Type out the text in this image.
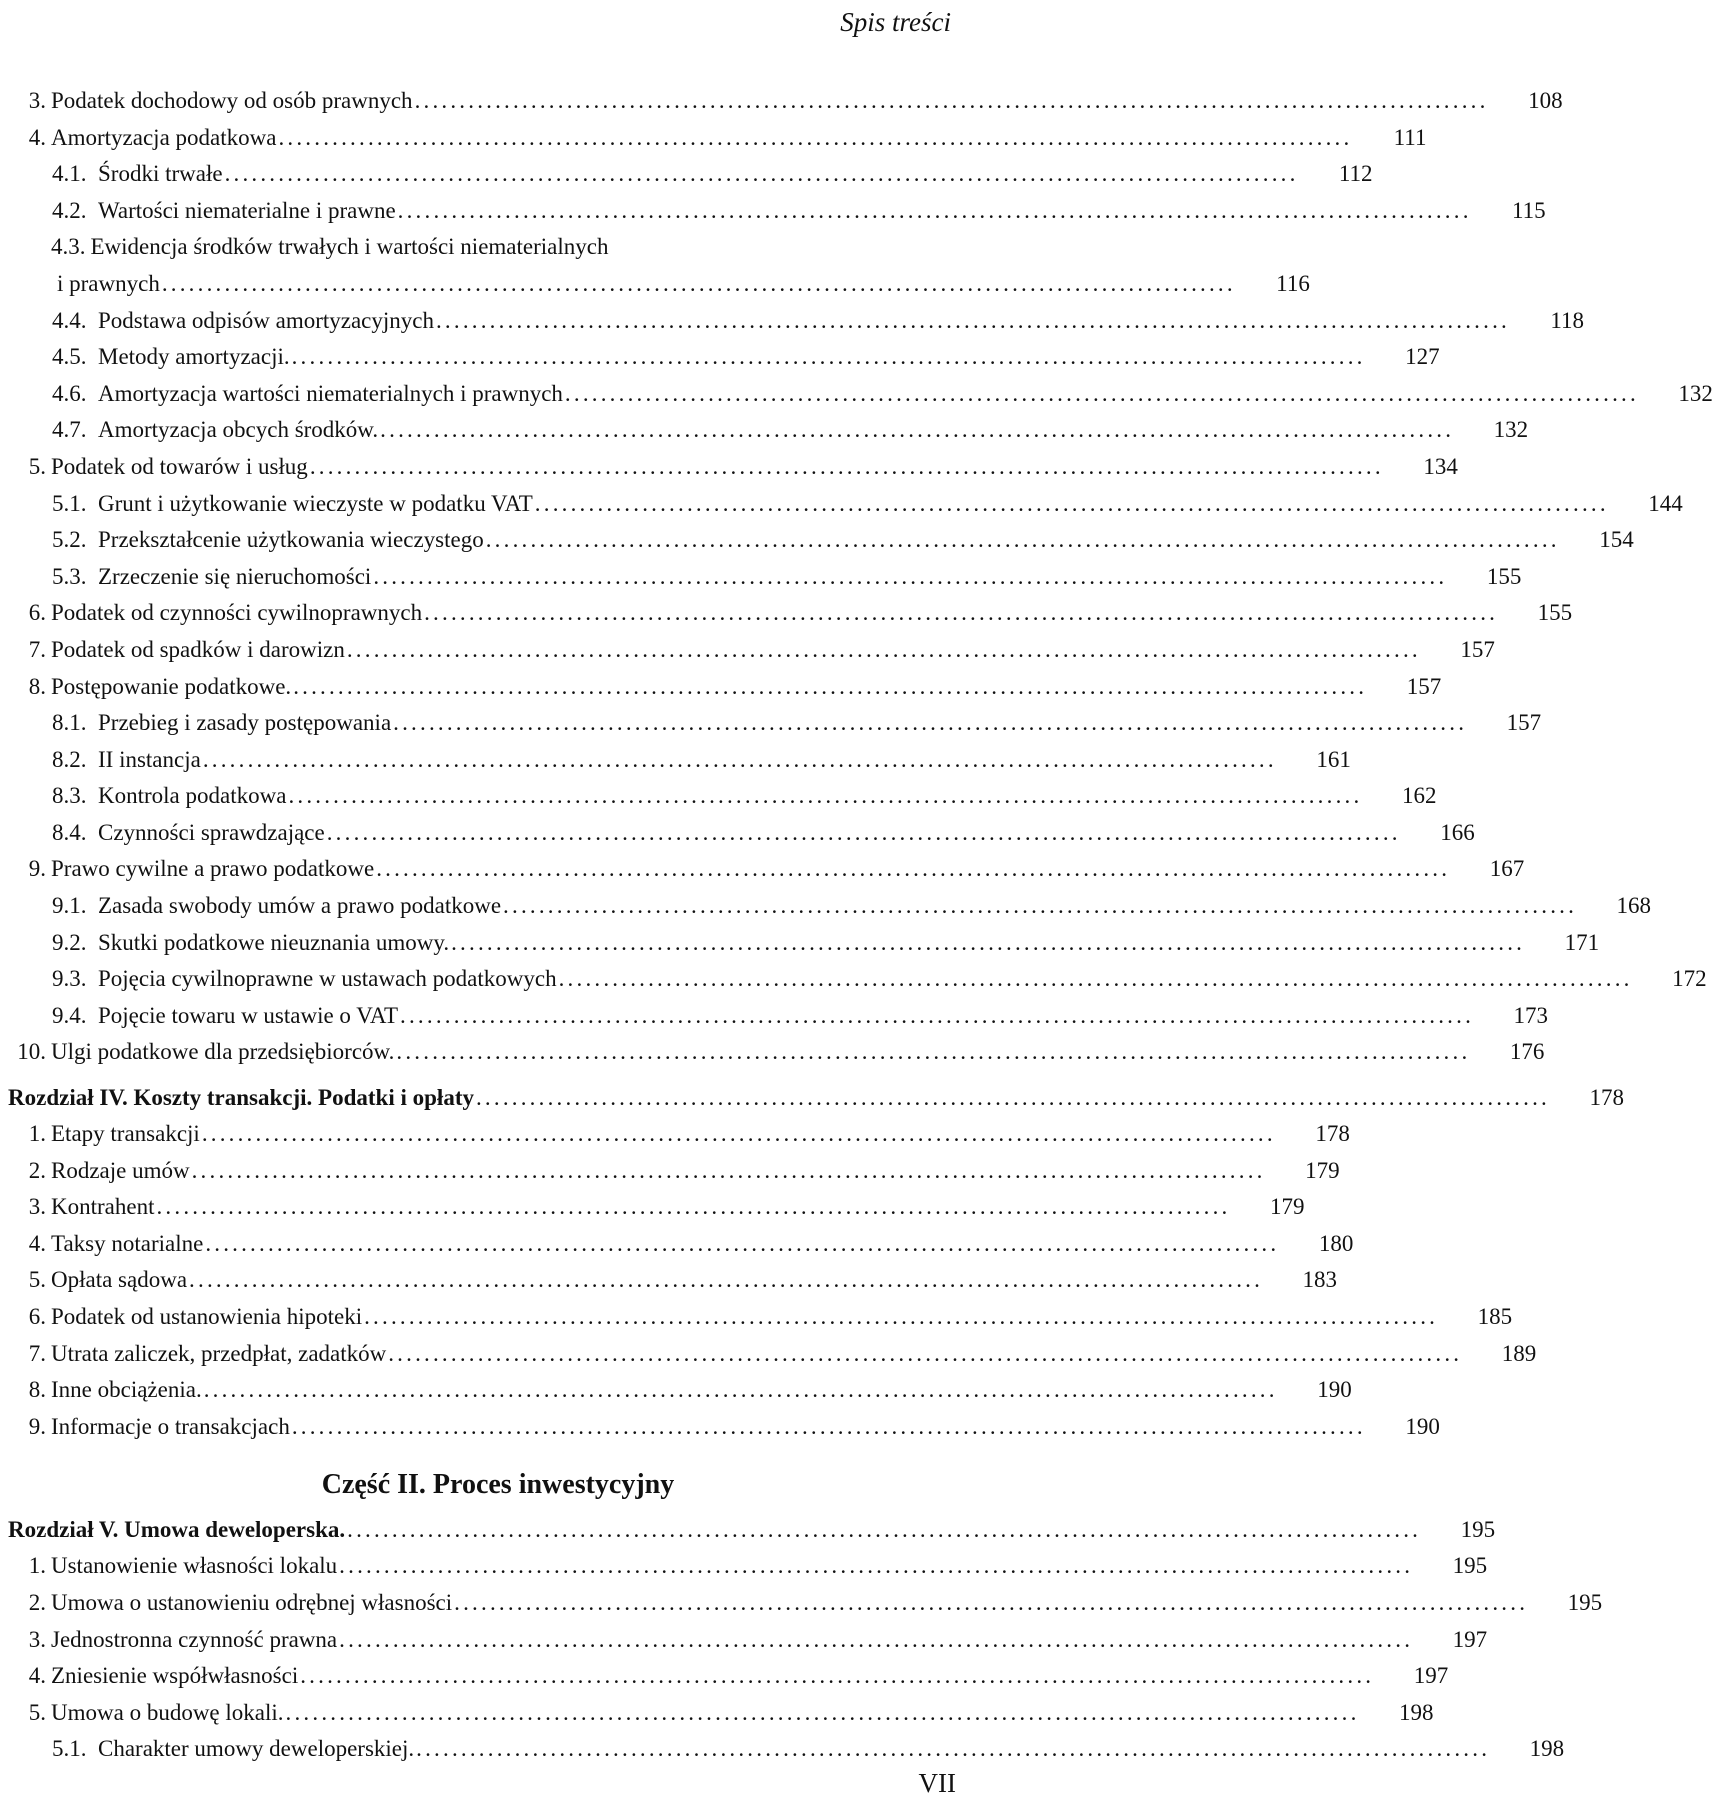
Spis treści
3. Podatek dochodowy od osób prawnych ........................................................................................................................	108
4. Amortyzacja podatkowa ........................................................................................................................	111
4.1. Środki trwałe ........................................................................................................................	112
4.2. Wartości niematerialne i prawne ........................................................................................................................	115
4.3. Ewidencja środków trwałych i wartości niematerialnych
i prawnych ........................................................................................................................	116
4.4. Podstawa odpisów amortyzacyjnych ........................................................................................................................	118
4.5. Metody amortyzacji. ........................................................................................................................	127
4.6. Amortyzacja wartości niematerialnych i prawnych ........................................................................................................................	132
4.7. Amortyzacja obcych środków. ........................................................................................................................	132
5. Podatek od towarów i usług ........................................................................................................................	134
5.1. Grunt i użytkowanie wieczyste w podatku VAT ........................................................................................................................	144
5.2. Przekształcenie użytkowania wieczystego ........................................................................................................................	154
5.3. Zrzeczenie się nieruchomości ........................................................................................................................	155
6. Podatek od czynności cywilnoprawnych ........................................................................................................................	155
7. Podatek od spadków i darowizn ........................................................................................................................	157
8. Postępowanie podatkowe. ........................................................................................................................	157
8.1. Przebieg i zasady postępowania ........................................................................................................................	157
8.2. II instancja ........................................................................................................................	161
8.3. Kontrola podatkowa ........................................................................................................................	162
8.4. Czynności sprawdzające ........................................................................................................................	166
9. Prawo cywilne a prawo podatkowe ........................................................................................................................	167
9.1. Zasada swobody umów a prawo podatkowe ........................................................................................................................	168
9.2. Skutki podatkowe nieuznania umowy. ........................................................................................................................	171
9.3. Pojęcia cywilnoprawne w ustawach podatkowych ........................................................................................................................	172
9.4. Pojęcie towaru w ustawie o VAT ........................................................................................................................	173
10. Ulgi podatkowe dla przedsiębiorców. ........................................................................................................................	176
Rozdział IV. Koszty transakcji. Podatki i opłaty ........................................................................................................................	178
1. Etapy transakcji ........................................................................................................................	178
2. Rodzaje umów ........................................................................................................................	179
3. Kontrahent ........................................................................................................................	179
4. Taksy notarialne ........................................................................................................................	180
5. Opłata sądowa ........................................................................................................................	183
6. Podatek od ustanowienia hipoteki ........................................................................................................................	185
7. Utrata zaliczek, przedpłat, zadatków ........................................................................................................................	189
8. Inne obciążenia. ........................................................................................................................	190
9. Informacje o transakcjach ........................................................................................................................	190
Część II. Proces inwestycyjny
Rozdział V. Umowa deweloperska. ........................................................................................................................	195
1. Ustanowienie własności lokalu ........................................................................................................................	195
2. Umowa o ustanowieniu odrębnej własności ........................................................................................................................	195
3. Jednostronna czynność prawna ........................................................................................................................	197
4. Zniesienie współwłasności ........................................................................................................................	197
5. Umowa o budowę lokali. ........................................................................................................................	198
5.1. Charakter umowy deweloperskiej. ........................................................................................................................	198
VII
